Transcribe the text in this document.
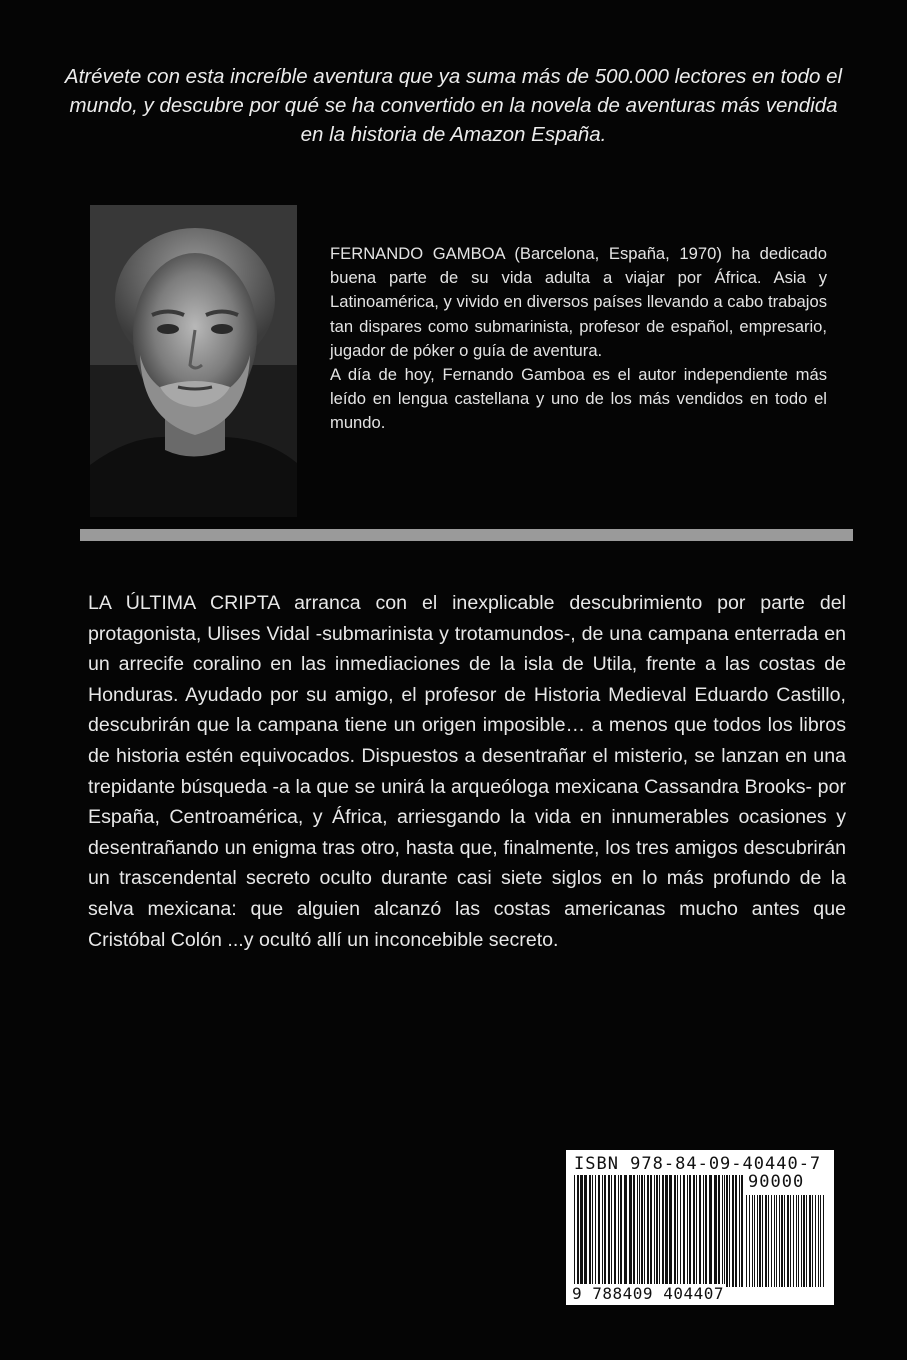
Atrévete con esta increíble aventura que ya suma más de 500.000 lectores en todo el mundo, y descubre por qué se ha convertido en la novela de aventuras más vendida en la historia de Amazon España.

FERNANDO GAMBOA (Barcelona, España, 1970) ha dedicado buena parte de su vida adulta a viajar por África. Asia y Latinoamérica, y vivido en diversos países llevando a cabo trabajos tan dispares como submarinista, profesor de español, empresario, jugador de póker o guía de aventura.

A día de hoy, Fernando Gamboa es el autor independiente más leído en lengua castellana y uno de los más vendidos en todo el mundo.

LA ÚLTIMA CRIPTA arranca con el inexplicable descubrimiento por parte del protagonista, Ulises Vidal -submarinista y trotamundos-, de una campana enterrada en un arrecife coralino en las inmediaciones de la isla de Utila, frente a las costas de Honduras. Ayudado por su amigo, el profesor de Historia Medieval Eduardo Castillo, descubrirán que la campana tiene un origen imposible… a menos que todos los libros de historia estén equivocados. Dispuestos a desentrañar el misterio, se lanzan en una trepidante búsqueda -a la que se unirá la arqueóloga mexicana Cassandra Brooks- por España, Centroamérica, y África, arriesgando la vida en innumerables ocasiones y desentrañando un enigma tras otro, hasta que, finalmente, los tres amigos descubrirán un trascendental secreto oculto durante casi siete siglos en lo más profundo de la selva mexicana: que alguien alcanzó las costas americanas mucho antes que Cristóbal Colón ...y ocultó allí un inconcebible secreto.

ISBN 978-84-09-40440-7
90000
9 788409 404407
